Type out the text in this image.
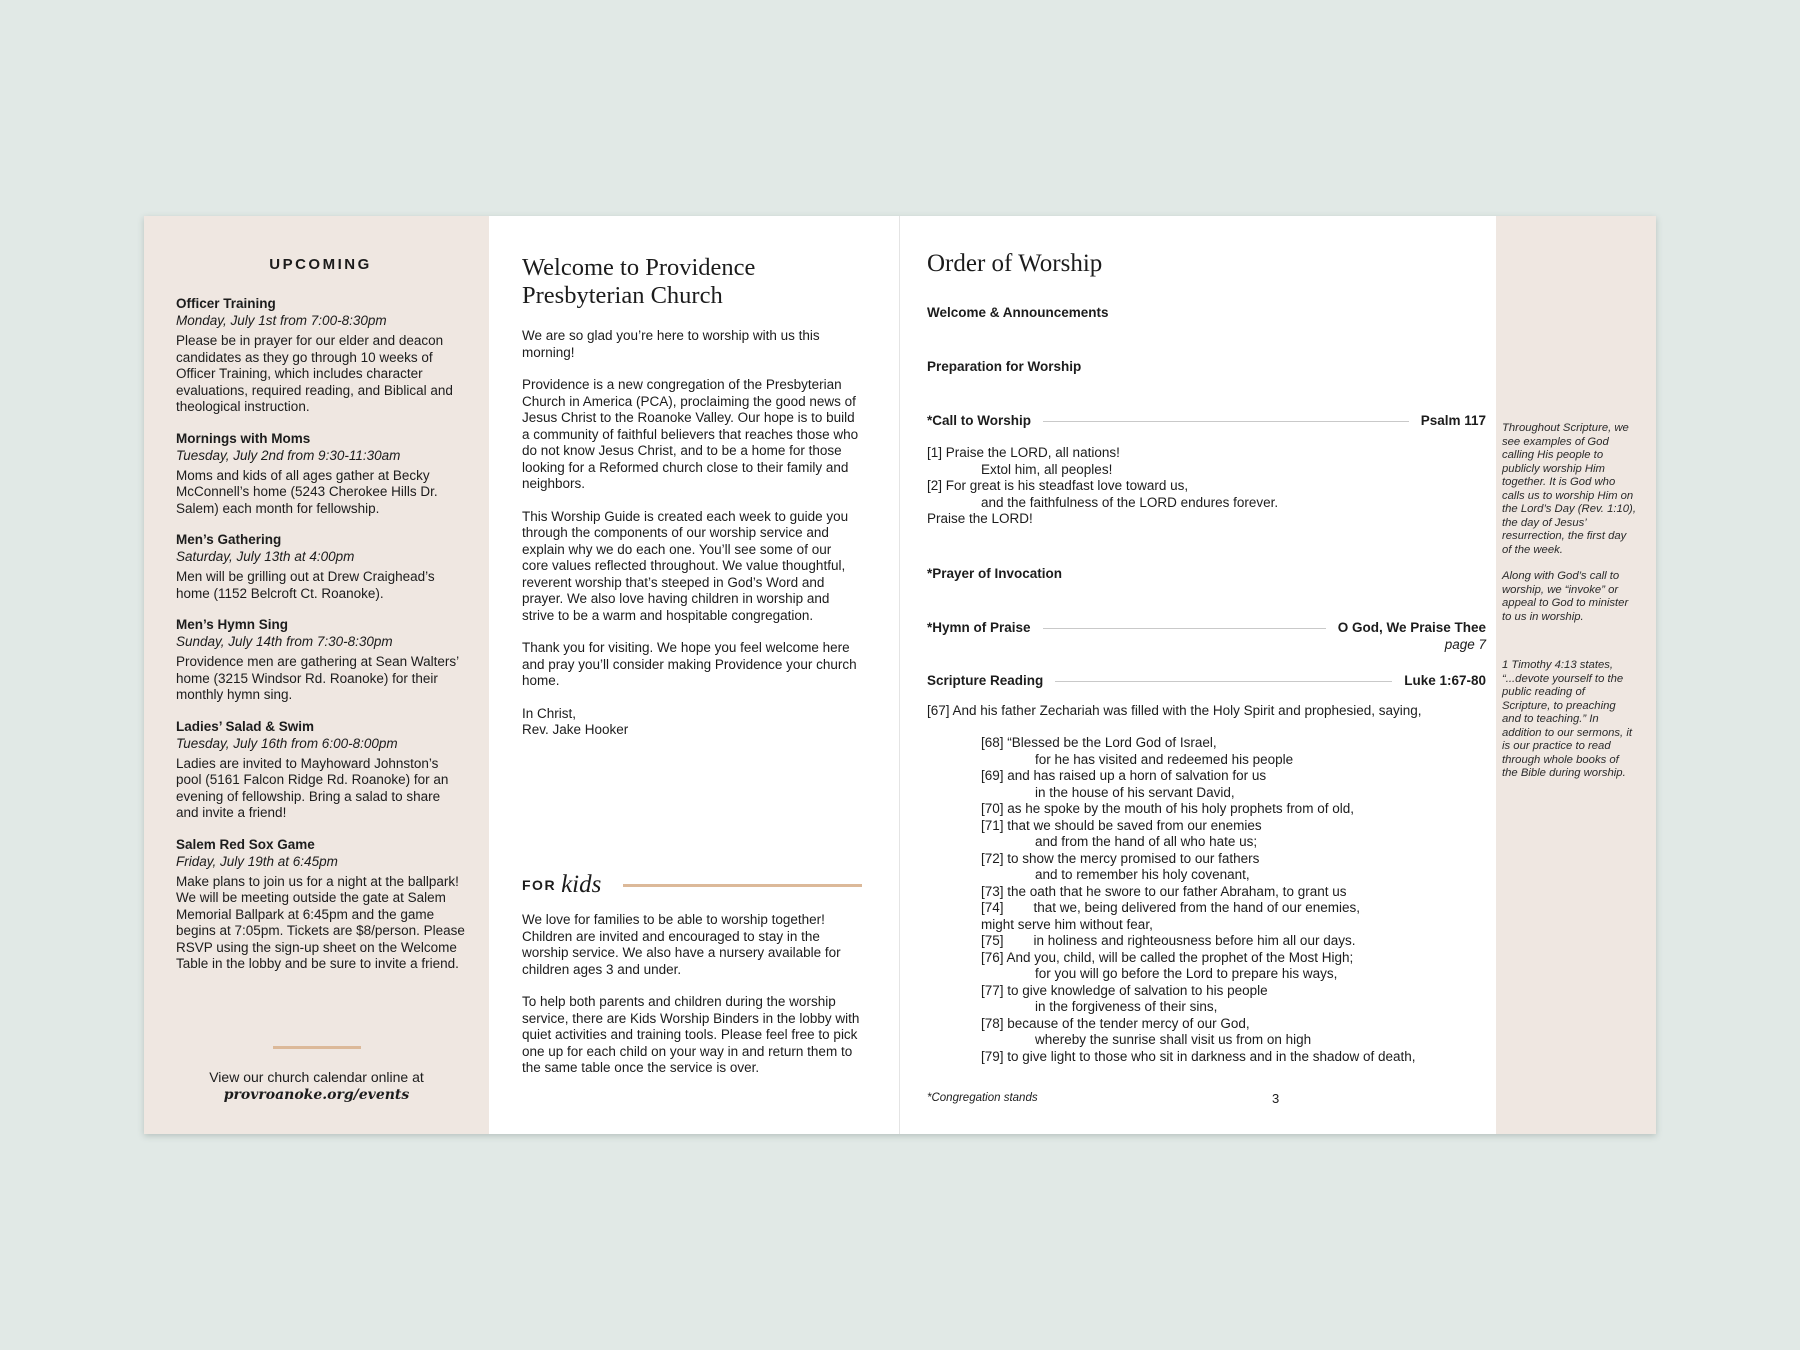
UPCOMING
Officer Training
Monday, July 1st from 7:00-8:30pm
Please be in prayer for our elder and deacon candidates as they go through 10 weeks of Officer Training, which includes character evaluations, required reading, and Biblical and theological instruction.
Mornings with Moms
Tuesday, July 2nd from 9:30-11:30am
Moms and kids of all ages gather at Becky McConnell’s home (5243 Cherokee Hills Dr. Salem) each month for fellowship.
Men’s Gathering
Saturday, July 13th at 4:00pm
Men will be grilling out at Drew Craighead’s home (1152 Belcroft Ct. Roanoke).
Men’s Hymn Sing
Sunday, July 14th from 7:30-8:30pm
Providence men are gathering at Sean Walters’ home (3215 Windsor Rd. Roanoke) for their monthly hymn sing.
Ladies’ Salad & Swim
Tuesday, July 16th from 6:00-8:00pm
Ladies are invited to Mayhoward Johnston’s pool (5161 Falcon Ridge Rd. Roanoke) for an evening of fellowship. Bring a salad to share and invite a friend!
Salem Red Sox Game
Friday, July 19th at 6:45pm
Make plans to join us for a night at the ballpark! We will be meeting outside the gate at Salem Memorial Ballpark at 6:45pm and the game begins at 7:05pm. Tickets are $8/person. Please RSVP using the sign-up sheet on the Welcome Table in the lobby and be sure to invite a friend.
View our church calendar online at
provroanoke.org/events
Welcome to Providence Presbyterian Church

We are so glad you’re here to worship with us this morning!

Providence is a new congregation of the Presbyterian Church in America (PCA), proclaiming the good news of Jesus Christ to the Roanoke Valley. Our hope is to build a community of faithful believers that reaches those who do not know Jesus Christ, and to be a home for those looking for a Reformed church close to their family and neighbors.

This Worship Guide is created each week to guide you through the components of our worship service and explain why we do each one. You’ll see some of our core values reflected throughout. We value thoughtful, reverent worship that’s steeped in God’s Word and prayer. We also love having children in worship and strive to be a warm and hospitable congregation.

Thank you for visiting. We hope you feel welcome here and pray you’ll consider making Providence your church home.

In Christ,
Rev. Jake Hooker
FOR kids

We love for families to be able to worship together! Children are invited and encouraged to stay in the worship service. We also have a nursery available for children ages 3 and under.

To help both parents and children during the worship service, there are Kids Worship Binders in the lobby with quiet activities and training tools. Please feel free to pick one up for each child on your way in and return them to the same table once the service is over.

Order of Worship
Welcome & Announcements
Preparation for Worship
*Call to Worship	Psalm 117
[1] Praise the LORD, all nations!
Extol him, all peoples!
[2] For great is his steadfast love toward us,
and the faithfulness of the LORD endures forever.
Praise the LORD!
*Prayer of Invocation
*Hymn of Praise	O God, We Praise Thee
page 7
Scripture Reading	Luke 1:67-80
[67] And his father Zechariah was filled with the Holy Spirit and prophesied, saying,
[68] “Blessed be the Lord God of Israel,
for he has visited and redeemed his people
[69] and has raised up a horn of salvation for us
in the house of his servant David,
[70] as he spoke by the mouth of his holy prophets from of old,
[71] that we should be saved from our enemies
and from the hand of all who hate us;
[72] to show the mercy promised to our fathers
and to remember his holy covenant,
[73] the oath that he swore to our father Abraham, to grant us
[74]        that we, being delivered from the hand of our enemies,
might serve him without fear,
[75]        in holiness and righteousness before him all our days.
[76] And you, child, will be called the prophet of the Most High;
for you will go before the Lord to prepare his ways,
[77] to give knowledge of salvation to his people
in the forgiveness of their sins,
[78] because of the tender mercy of our God,
whereby the sunrise shall visit us from on high
[79] to give light to those who sit in darkness and in the shadow of death,
*Congregation stands	3
Throughout Scripture, we see examples of God calling His people to publicly worship Him together. It is God who calls us to worship Him on the Lord’s Day (Rev. 1:10), the day of Jesus’ resurrection, the first day of the week.
Along with God’s call to worship, we “invoke” or appeal to God to minister to us in worship.
1 Timothy 4:13 states, “...devote yourself to the public reading of Scripture, to preaching and to teaching.” In addition to our sermons, it is our practice to read through whole books of the Bible during worship.
